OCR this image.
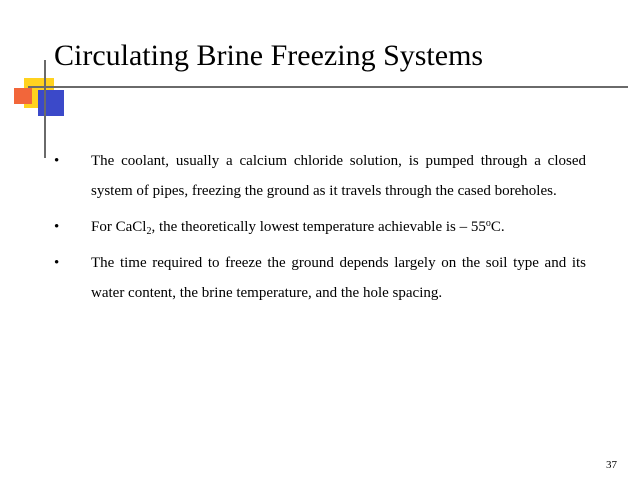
Circulating Brine Freezing Systems
• The coolant, usually a calcium chloride solution, is pumped through a closed system of pipes, freezing the ground as it travels through the cased boreholes.
• For CaCl$_2$, the theoretically lowest temperature achievable is – 55$^o$C.
• The time required to freeze the ground depends largely on the soil type and its water content, the brine temperature, and the hole spacing.
37
